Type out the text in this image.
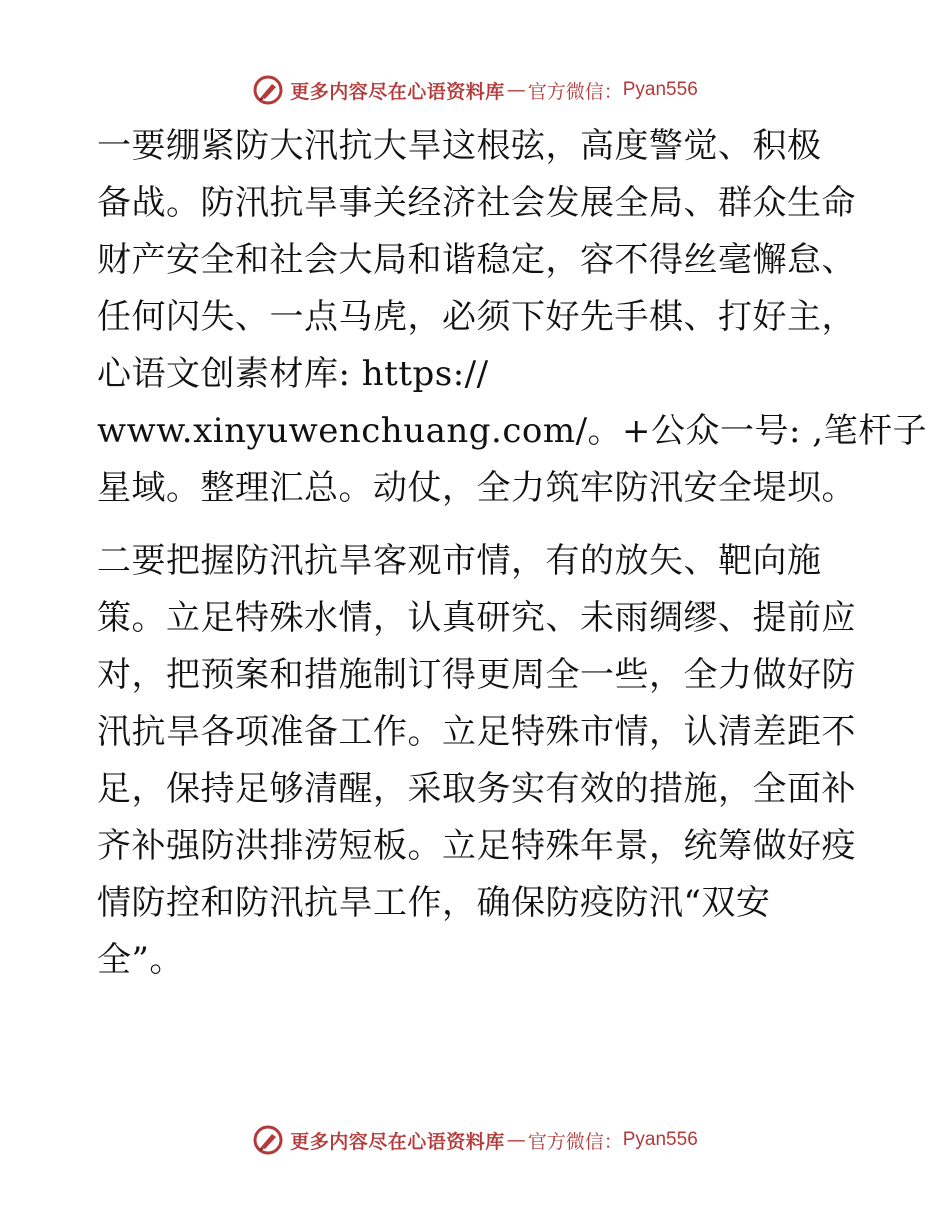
更多内容尽在心语资料库 — 官方微信： Pyan556

一要绷紧防大汛抗大旱这根弦，高度警觉、积极
备战。防汛抗旱事关经济社会发展全局、群众生命
财产安全和社会大局和谐稳定，容不得丝毫懈怠、
任何闪失、一点马虎，必须下好先手棋、打好主，
心语文创素材库: https://
www.xinyuwenchuang.com/。+公众一号: ,笔杆子
星域。整理汇总。动仗，全力筑牢防汛安全堤坝。

二要把握防汛抗旱客观市情，有的放矢、靶向施
策。立足特殊水情，认真研究、未雨绸缪、提前应
对，把预案和措施制订得更周全一些，全力做好防
汛抗旱各项准备工作。立足特殊市情，认清差距不
足，保持足够清醒，采取务实有效的措施，全面补
齐补强防洪排涝短板。立足特殊年景，统筹做好疫
情防控和防汛抗旱工作，确保防疫防汛“双安
全”。

更多内容尽在心语资料库 — 官方微信： Pyan556
